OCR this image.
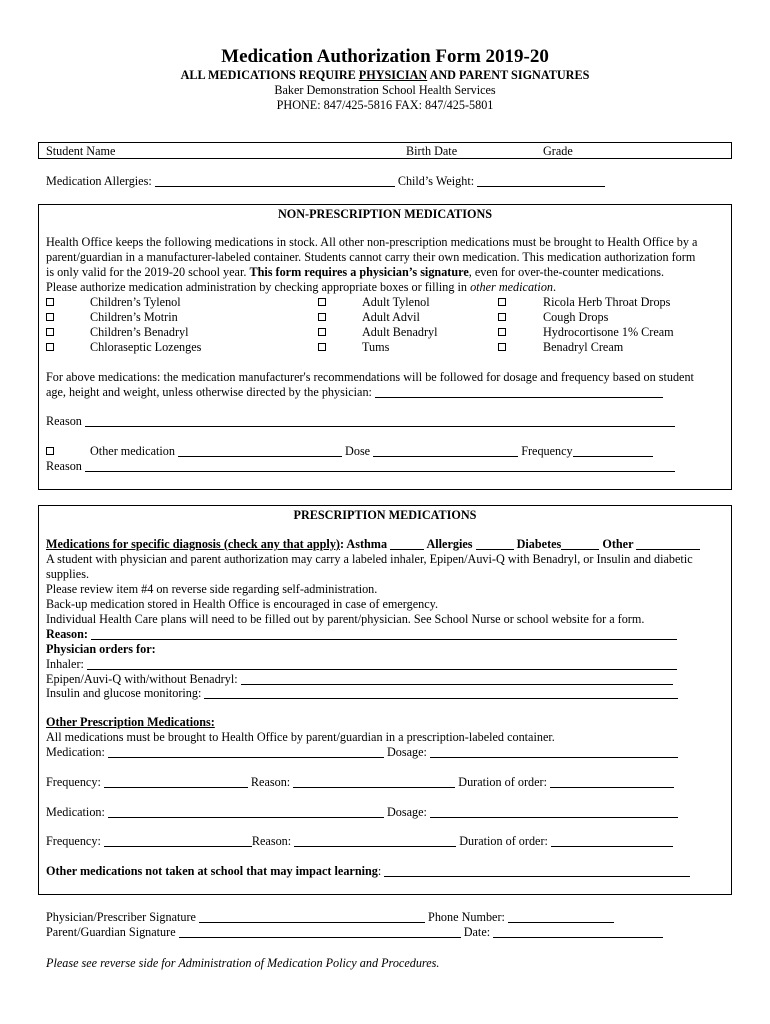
Medication Authorization Form 2019-20
ALL MEDICATIONS REQUIRE PHYSICIAN AND PARENT SIGNATURES
Baker Demonstration School Health Services
PHONE: 847/425-5816 FAX: 847/425-5801
Student Name	Birth Date	Grade
Medication Allergies:	Child’s Weight:
NON-PRESCRIPTION MEDICATIONS
Health Office keeps the following medications in stock. All other non-prescription medications must be brought to Health Office by a
parent/guardian in a manufacturer-labeled container. Students cannot carry their own medication. This medication authorization form
is only valid for the 2019-20 school year. This form requires a physician’s signature, even for over-the-counter medications.
Please authorize medication administration by checking appropriate boxes or filling in other medication.
Children’s Tylenol	Adult Tylenol	Ricola Herb Throat Drops
Children’s Motrin	Adult Advil	Cough Drops
Children’s Benadryl	Adult Benadryl	Hydrocortisone 1% Cream
Chloraseptic Lozenges	Tums	Benadryl Cream
For above medications: the medication manufacturer's recommendations will be followed for dosage and frequency based on student
age, height and weight, unless otherwise directed by the physician:
Reason
Other medication	Dose	Frequency
Reason
PRESCRIPTION MEDICATIONS
Medications for specific diagnosis (check any that apply): Asthma	Allergies	Diabetes	Other
A student with physician and parent authorization may carry a labeled inhaler, Epipen/Auvi-Q with Benadryl, or Insulin and diabetic
supplies.
Please review item #4 on reverse side regarding self-administration.
Back-up medication stored in Health Office is encouraged in case of emergency.
Individual Health Care plans will need to be filled out by parent/physician. See School Nurse or school website for a form.
Reason:
Physician orders for:
Inhaler:
Epipen/Auvi-Q with/without Benadryl:
Insulin and glucose monitoring:
Other Prescription Medications:
All medications must be brought to Health Office by parent/guardian in a prescription-labeled container.
Medication:	Dosage:
Frequency:	Reason:	Duration of order:
Medication:	Dosage:
Frequency:	Reason:	Duration of order:
Other medications not taken at school that may impact learning:
Physician/Prescriber Signature	Phone Number:
Parent/Guardian Signature	Date:
Please see reverse side for Administration of Medication Policy and Procedures.
